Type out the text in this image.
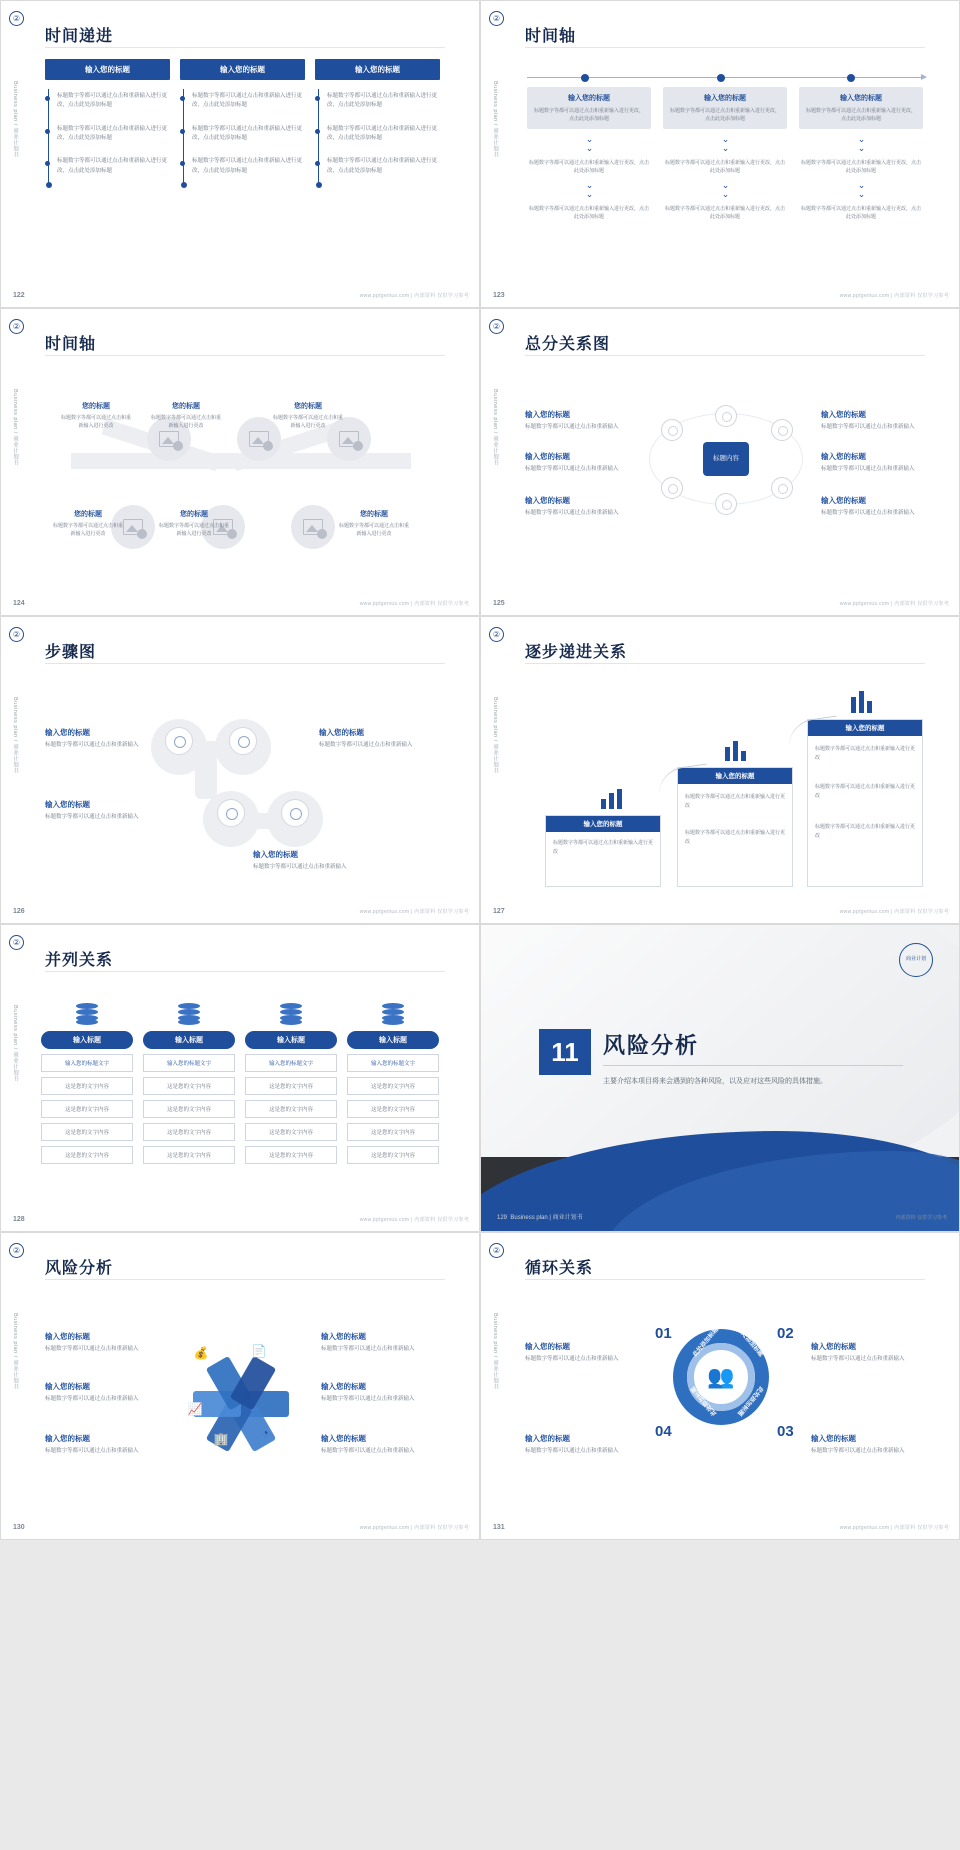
②
Business plan / 商业计划书
时间递进
输入您的标题
标题数字等都可以通过点击和重新输入进行更改，点击此处添加标题
标题数字等都可以通过点击和重新输入进行更改，点击此处添加标题
标题数字等都可以通过点击和重新输入进行更改，点击此处添加标题
输入您的标题
标题数字等都可以通过点击和重新输入进行更改，点击此处添加标题
标题数字等都可以通过点击和重新输入进行更改，点击此处添加标题
标题数字等都可以通过点击和重新输入进行更改，点击此处添加标题
输入您的标题
标题数字等都可以通过点击和重新输入进行更改，点击此处添加标题
标题数字等都可以通过点击和重新输入进行更改，点击此处添加标题
标题数字等都可以通过点击和重新输入进行更改，点击此处添加标题
122	www.pptgenius.com | 内部资料 仅供学习参考
②
Business plan / 商业计划书
时间轴
输入您的标题
标题数字等都可以通过点击和重新输入进行更改，点击此处添加标题
⌄
⌄
标题数字等都可以通过点击和重新输入进行更改，点击此处添加标题
⌄
⌄
标题数字等都可以通过点击和重新输入进行更改，点击此处添加标题
输入您的标题
标题数字等都可以通过点击和重新输入进行更改，点击此处添加标题
⌄
⌄
标题数字等都可以通过点击和重新输入进行更改，点击此处添加标题
⌄
⌄
标题数字等都可以通过点击和重新输入进行更改，点击此处添加标题
输入您的标题
标题数字等都可以通过点击和重新输入进行更改，点击此处添加标题
⌄
⌄
标题数字等都可以通过点击和重新输入进行更改，点击此处添加标题
⌄
⌄
标题数字等都可以通过点击和重新输入进行更改，点击此处添加标题
123	www.pptgenius.com | 内部资料 仅供学习参考
②
Business plan / 商业计划书
时间轴
您的标题
标题数字等都可以通过点击和重新输入进行更改
您的标题
标题数字等都可以通过点击和重新输入进行更改
您的标题
标题数字等都可以通过点击和重新输入进行更改
您的标题
标题数字等都可以通过点击和重新输入进行更改
您的标题
标题数字等都可以通过点击和重新输入进行更改
您的标题
标题数字等都可以通过点击和重新输入进行更改
124	www.pptgenius.com | 内部资料 仅供学习参考
②
Business plan / 商业计划书
总分关系图
标题内容
输入您的标题
标题数字等都可以通过点击和重新输入
输入您的标题
标题数字等都可以通过点击和重新输入
输入您的标题
标题数字等都可以通过点击和重新输入
输入您的标题
标题数字等都可以通过点击和重新输入
输入您的标题
标题数字等都可以通过点击和重新输入
输入您的标题
标题数字等都可以通过点击和重新输入
125	www.pptgenius.com | 内部资料 仅供学习参考
②
Business plan / 商业计划书
步骤图
输入您的标题
标题数字等都可以通过点击和重新输入
输入您的标题
标题数字等都可以通过点击和重新输入
输入您的标题
标题数字等都可以通过点击和重新输入
输入您的标题
标题数字等都可以通过点击和重新输入
126	www.pptgenius.com | 内部资料 仅供学习参考
②
Business plan / 商业计划书
逐步递进关系
输入您的标题
标题数字等都可以通过点击和重新输入进行更改
输入您的标题
标题数字等都可以通过点击和重新输入进行更改
标题数字等都可以通过点击和重新输入进行更改
输入您的标题
标题数字等都可以通过点击和重新输入进行更改
标题数字等都可以通过点击和重新输入进行更改
标题数字等都可以通过点击和重新输入进行更改
127	www.pptgenius.com | 内部资料 仅供学习参考
②
Business plan / 商业计划书
并列关系
输入标题
输入您的标题文字
这是您的文字内容
这是您的文字内容
这是您的文字内容
这是您的文字内容
输入标题
输入您的标题文字
这是您的文字内容
这是您的文字内容
这是您的文字内容
这是您的文字内容
输入标题
输入您的标题文字
这是您的文字内容
这是您的文字内容
这是您的文字内容
这是您的文字内容
输入标题
输入您的标题文字
这是您的文字内容
这是您的文字内容
这是您的文字内容
这是您的文字内容
128	www.pptgenius.com | 内部资料 仅供学习参考
商业计划
11	风险分析
主要介绍本项目将来会遇到的各种风险，以及应对这些风险的具体措施。
129 Business plan | 商业计划书	内部资料 仅供学习参考
②
Business plan / 商业计划书
风险分析
💰	📄
📈
🏢	◔
输入您的标题
标题数字等都可以通过点击和重新输入
输入您的标题
标题数字等都可以通过点击和重新输入
输入您的标题
标题数字等都可以通过点击和重新输入
输入您的标题
标题数字等都可以通过点击和重新输入
输入您的标题
标题数字等都可以通过点击和重新输入
输入您的标题
标题数字等都可以通过点击和重新输入
130	www.pptgenius.com | 内部资料 仅供学习参考
②
Business plan / 商业计划书
循环关系
👥
此处添加标题	此处添加标题
此处添加标题
此处添加标题
01	02
03
04
输入您的标题
标题数字等都可以通过点击和重新输入
输入您的标题
标题数字等都可以通过点击和重新输入
输入您的标题
标题数字等都可以通过点击和重新输入
输入您的标题
标题数字等都可以通过点击和重新输入
131	www.pptgenius.com | 内部资料 仅供学习参考
